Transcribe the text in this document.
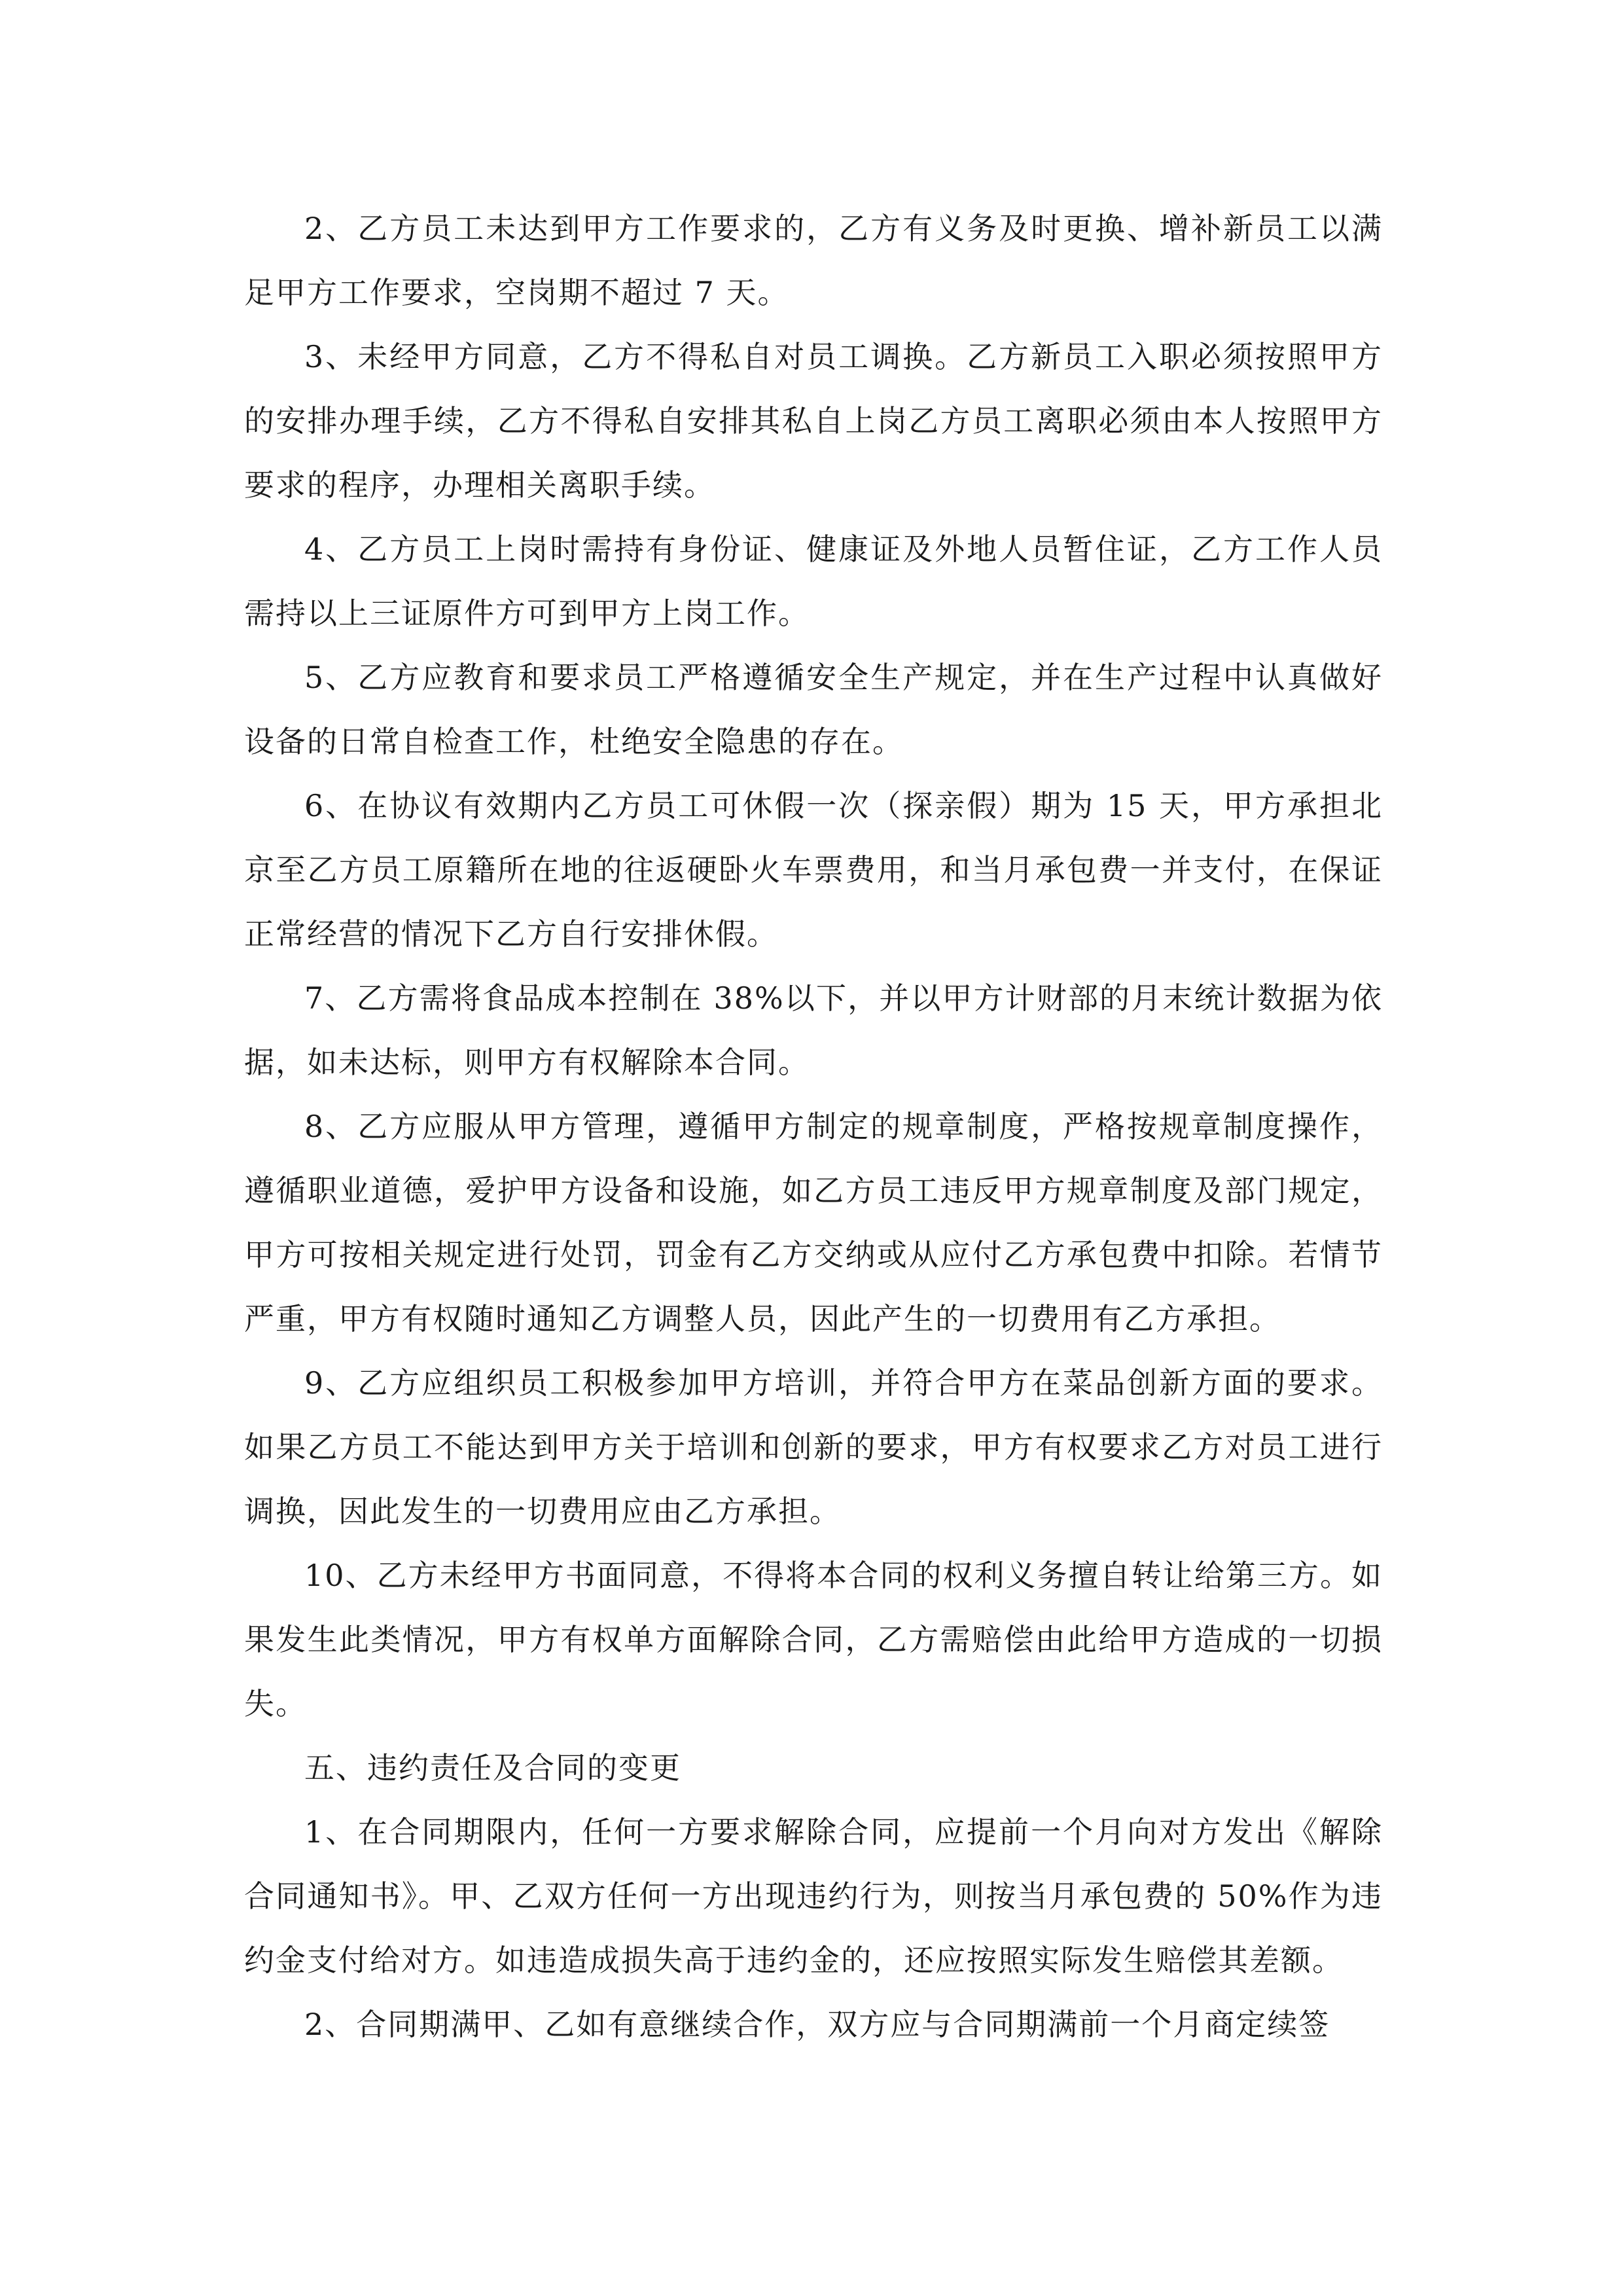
2、乙方员工未达到甲方工作要求的，乙方有义务及时更换、增补新员工以满足甲方工作要求，空岗期不超过 7 天。

3、未经甲方同意，乙方不得私自对员工调换。乙方新员工入职必须按照甲方的安排办理手续，乙方不得私自安排其私自上岗乙方员工离职必须由本人按照甲方要求的程序，办理相关离职手续。

4、乙方员工上岗时需持有身份证、健康证及外地人员暂住证，乙方工作人员需持以上三证原件方可到甲方上岗工作。

5、乙方应教育和要求员工严格遵循安全生产规定，并在生产过程中认真做好设备的日常自检查工作，杜绝安全隐患的存在。

6、在协议有效期内乙方员工可休假一次（探亲假）期为 15 天，甲方承担北京至乙方员工原籍所在地的往返硬卧火车票费用，和当月承包费一并支付，在保证正常经营的情况下乙方自行安排休假。

7、乙方需将食品成本控制在 38%以下，并以甲方计财部的月末统计数据为依据，如未达标，则甲方有权解除本合同。

8、乙方应服从甲方管理，遵循甲方制定的规章制度，严格按规章制度操作，遵循职业道德，爱护甲方设备和设施，如乙方员工违反甲方规章制度及部门规定，甲方可按相关规定进行处罚，罚金有乙方交纳或从应付乙方承包费中扣除。若情节严重，甲方有权随时通知乙方调整人员，因此产生的一切费用有乙方承担。

9、乙方应组织员工积极参加甲方培训，并符合甲方在菜品创新方面的要求。如果乙方员工不能达到甲方关于培训和创新的要求，甲方有权要求乙方对员工进行调换，因此发生的一切费用应由乙方承担。

10、乙方未经甲方书面同意，不得将本合同的权利义务擅自转让给第三方。如果发生此类情况，甲方有权单方面解除合同，乙方需赔偿由此给甲方造成的一切损失。

五、违约责任及合同的变更

1、在合同期限内，任何一方要求解除合同，应提前一个月向对方发出《解除合同通知书》。甲、乙双方任何一方出现违约行为，则按当月承包费的 50%作为违约金支付给对方。如违造成损失高于违约金的，还应按照实际发生赔偿其差额。

2、合同期满甲、乙如有意继续合作，双方应与合同期满前一个月商定续签
